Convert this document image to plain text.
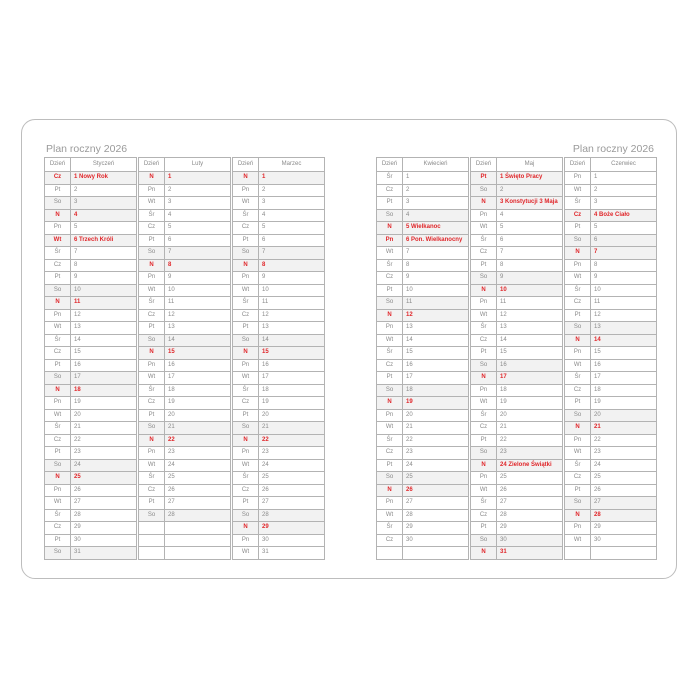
Plan roczny 2026	Plan roczny 2026
Dzień	Styczeń
Cz	1 Nowy Rok
Pt	2
So	3
N	4
Pn	5
Wt	6 Trzech Króli
Śr	7
Cz	8
Pt	9
So	10
N	11
Pn	12
Wt	13
Śr	14
Cz	15
Pt	16
So	17
N	18
Pn	19
Wt	20
Śr	21
Cz	22
Pt	23
So	24
N	25
Pn	26
Wt	27
Śr	28
Cz	29
Pt	30
So	31
Dzień	Luty
N	1
Pn	2
Wt	3
Śr	4
Cz	5
Pt	6
So	7
N	8
Pn	9
Wt	10
Śr	11
Cz	12
Pt	13
So	14
N	15
Pn	16
Wt	17
Śr	18
Cz	19
Pt	20
So	21
N	22
Pn	23
Wt	24
Śr	25
Cz	26
Pt	27
So	28
Dzień	Marzec
N	1
Pn	2
Wt	3
Śr	4
Cz	5
Pt	6
So	7
N	8
Pn	9
Wt	10
Śr	11
Cz	12
Pt	13
So	14
N	15
Pn	16
Wt	17
Śr	18
Cz	19
Pt	20
So	21
N	22
Pn	23
Wt	24
Śr	25
Cz	26
Pt	27
So	28
N	29
Pn	30
Wt	31
Dzień	Kwiecień
Śr	1
Cz	2
Pt	3
So	4
N	5 Wielkanoc
Pn	6 Pon. Wielkanocny
Wt	7
Śr	8
Cz	9
Pt	10
So	11
N	12
Pn	13
Wt	14
Śr	15
Cz	16
Pt	17
So	18
N	19
Pn	20
Wt	21
Śr	22
Cz	23
Pt	24
So	25
N	26
Pn	27
Wt	28
Śr	29
Cz	30
Dzień	Maj
Pt	1 Święto Pracy
So	2
N	3 Konstytucji 3 Maja
Pn	4
Wt	5
Śr	6
Cz	7
Pt	8
So	9
N	10
Pn	11
Wt	12
Śr	13
Cz	14
Pt	15
So	16
N	17
Pn	18
Wt	19
Śr	20
Cz	21
Pt	22
So	23
N	24 Zielone Świątki
Pn	25
Wt	26
Śr	27
Cz	28
Pt	29
So	30
N	31
Dzień	Czerwiec
Pn	1
Wt	2
Śr	3
Cz	4 Boże Ciało
Pt	5
So	6
N	7
Pn	8
Wt	9
Śr	10
Cz	11
Pt	12
So	13
N	14
Pn	15
Wt	16
Śr	17
Cz	18
Pt	19
So	20
N	21
Pn	22
Wt	23
Śr	24
Cz	25
Pt	26
So	27
N	28
Pn	29
Wt	30
